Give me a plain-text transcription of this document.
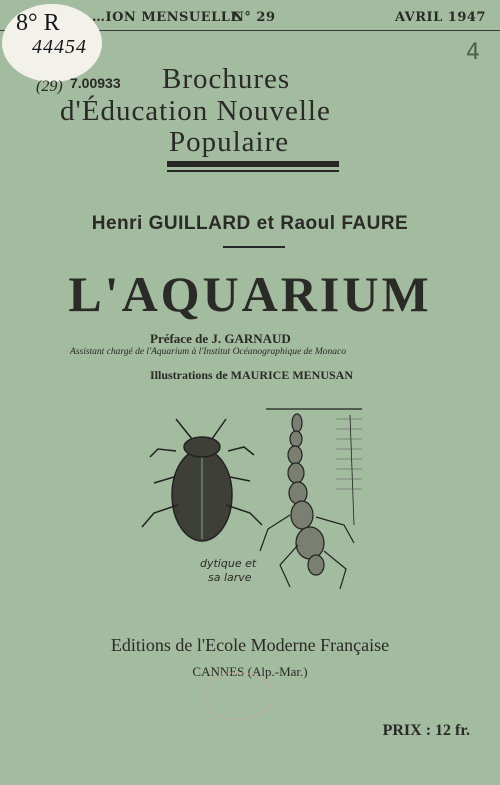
…ION MENSUELLE
N° 29	AVRIL 1947
4
8° R
44454
7.00933
(29)	Brochures
d'Éducation Nouvelle
Populaire
Henri GUILLARD et Raoul FAURE
L'AQUARIUM
Préface de J. GARNAUD
Assistant chargé de l'Aquarium à l'Institut Océanographique de Monaco
Illustrations de MAURICE MENUSAN
dytique et
sa larve
Editions de l'Ecole Moderne Française
CANNES (Alp.-Mar.)
PRIX : 12 fr.
